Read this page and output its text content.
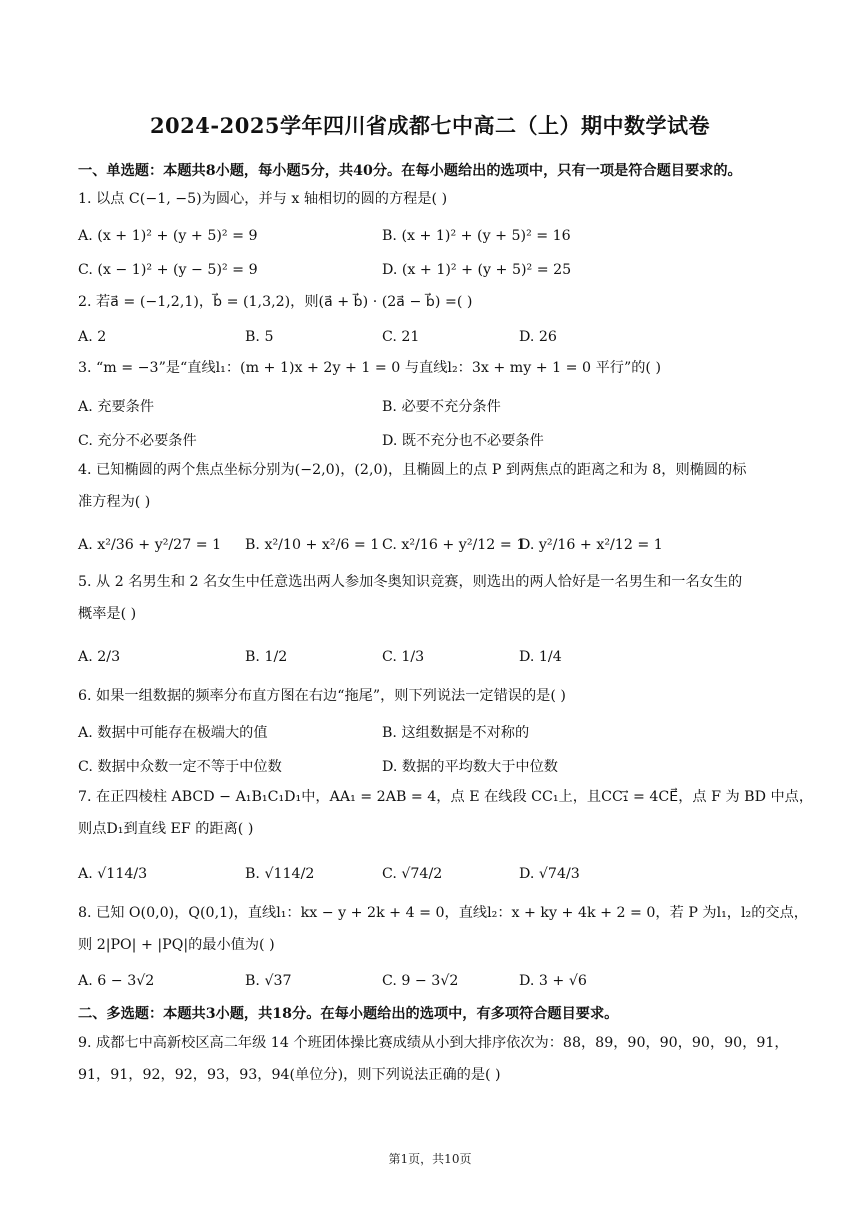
2024-2025学年四川省成都七中高二（上）期中数学试卷
一、单选题：本题共8小题，每小题5分，共40分。在每小题给出的选项中，只有一项是符合题目要求的。
1. 以点 C(−1, −5)为圆心，并与 x 轴相切的圆的方程是( )
A. (x + 1)² + (y + 5)² = 9	B. (x + 1)² + (y + 5)² = 16
C. (x − 1)² + (y − 5)² = 9	D. (x + 1)² + (y + 5)² = 25
2. 若a⃗ = (−1,2,1)，b⃗ = (1,3,2)，则(a⃗ + b⃗) · (2a⃗ − b⃗) =( )
A. 2	B. 5	C. 21	D. 26
3. “m = −3”是“直线l₁：(m + 1)x + 2y + 1 = 0 与直线l₂：3x + my + 1 = 0 平行”的( )
A. 充要条件	B. 必要不充分条件
C. 充分不必要条件	D. 既不充分也不必要条件
4. 已知椭圆的两个焦点坐标分别为(−2,0)，(2,0)，且椭圆上的点 P 到两焦点的距离之和为 8，则椭圆的标
准方程为( )
A. x²/36 + y²/27 = 1 B. x²/10 + x²/6 = 1 C. x²/16 + y²/12 = 1
D. y²/16 + x²/12 = 1
5. 从 2 名男生和 2 名女生中任意选出两人参加冬奥知识竞赛，则选出的两人恰好是一名男生和一名女生的
概率是( )
A. 2/3	B. 1/2	C. 1/3	D. 1/4
6. 如果一组数据的频率分布直方图在右边“拖尾”，则下列说法一定错误的是( )
A. 数据中可能存在极端大的值	B. 这组数据是不对称的
C. 数据中众数一定不等于中位数	D. 数据的平均数大于中位数
7. 在正四棱柱 ABCD − A₁B₁C₁D₁中，AA₁ = 2AB = 4，点 E 在线段 CC₁上，且CC₁⃗ = 4CE⃗，点 F 为 BD 中点，
则点D₁到直线 EF 的距离( )
A. √114/3	B. √114/2	C. √74/2	D. √74/3
8. 已知 O(0,0)，Q(0,1)，直线l₁：kx − y + 2k + 4 = 0，直线l₂：x + ky + 4k + 2 = 0，若 P 为l₁，l₂的交点，
则 2|PO| + |PQ|的最小值为( )
A. 6 − 3√2	B. √37	C. 9 − 3√2	D. 3 + √6
二、多选题：本题共3小题，共18分。在每小题给出的选项中，有多项符合题目要求。
9. 成都七中高新校区高二年级 14 个班团体操比赛成绩从小到大排序依次为：88，89，90，90，90，90，91，
91，91，92，92，93，93，94(单位分)，则下列说法正确的是( )
第1页，共10页
